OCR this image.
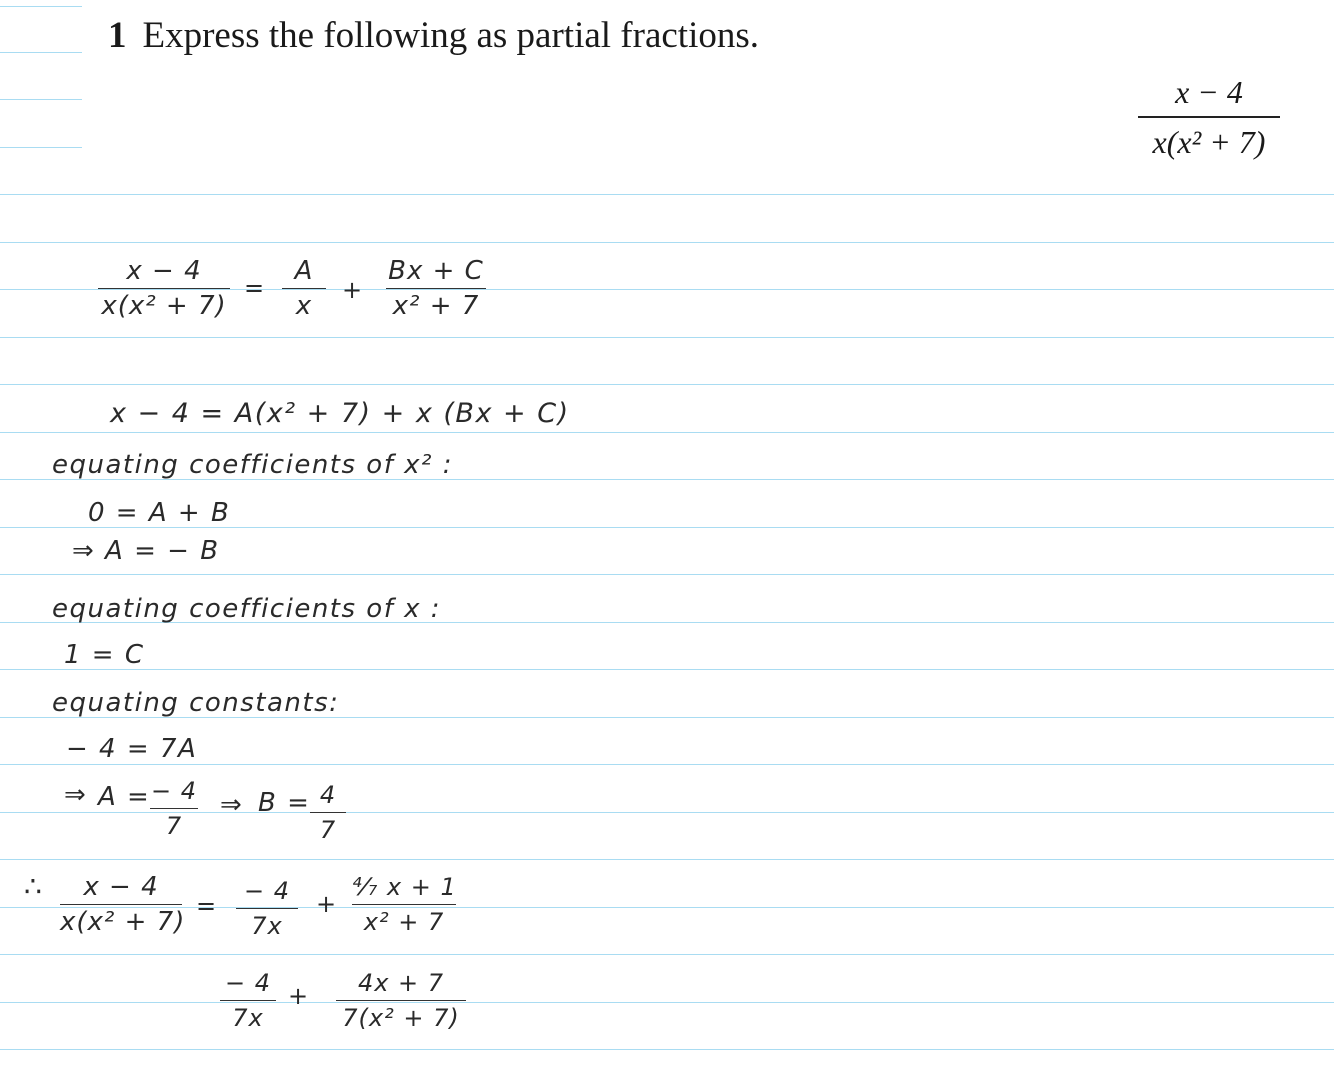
1 Express the following as partial fractions.
x − 4
x(x² + 7)
x − 4
x(x² + 7)
=
A
x
+
Bx + C
x² + 7
x − 4 = A(x² + 7) + x (Bx + C)
equating coefficients of x² :
0 = A + B
⇒ A = − B
equating coefficients of x :
1 = C
equating constants:
− 4 = 7A
⇒ A = − 4
7
⇒ B = 4
7
∴	x − 4
x(x² + 7)
=
− 4
7x
+
⁴⁄₇ x + 1
x² + 7
− 4
7x
+	4x + 7
7(x² + 7)
